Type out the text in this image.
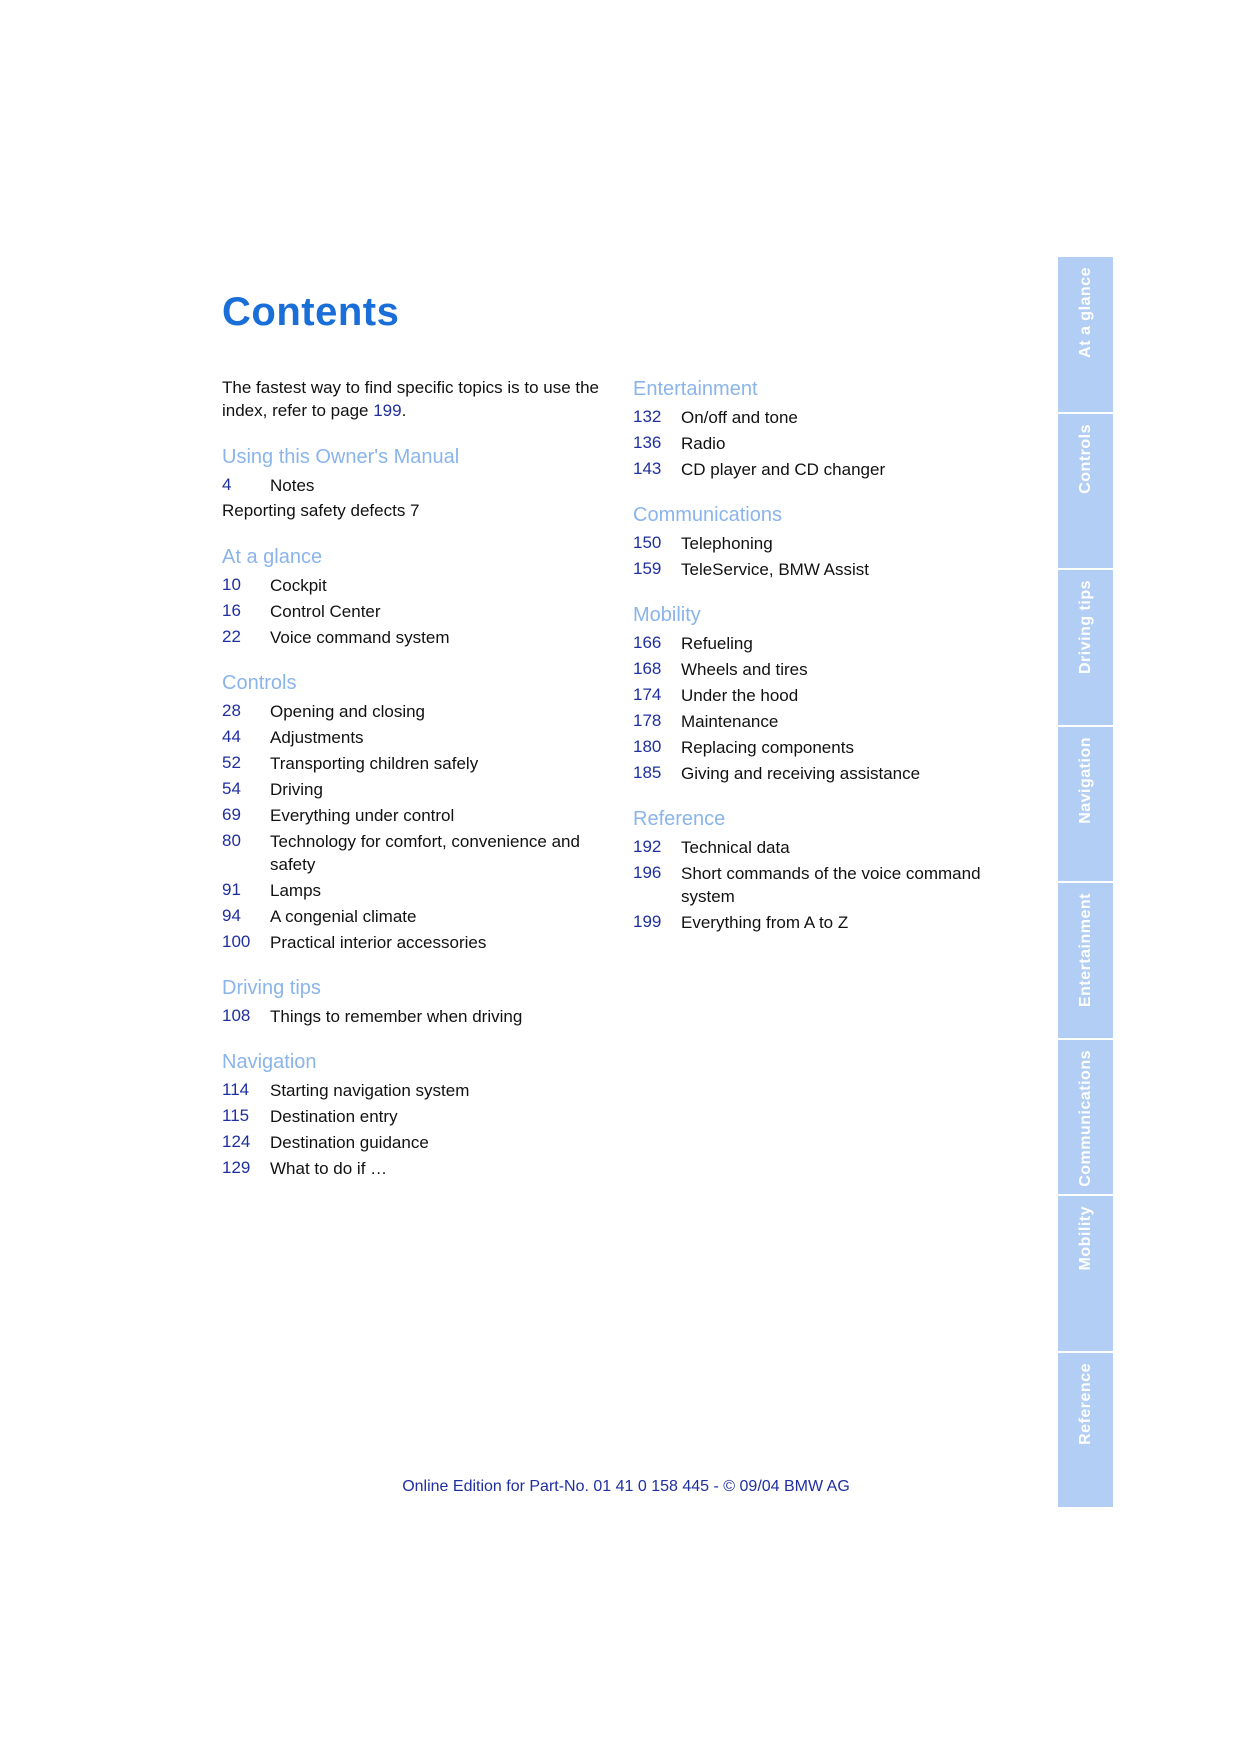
Contents

The fastest way to find specific topics is to use the index, refer to page 199.

Using this Owner's Manual
4	Notes
Reporting safety defects 7
At a glance
10	Cockpit
16	Control Center
22	Voice command system
Controls
28	Opening and closing
44	Adjustments
52	Transporting children safely
54	Driving
69	Everything under control
80	Technology for comfort, convenience and safety
91	Lamps
94	A congenial climate
100	Practical interior accessories
Driving tips
108	Things to remember when driving
Navigation
114	Starting navigation system
115	Destination entry
124	Destination guidance
129	What to do if …
Entertainment
132	On/off and tone
136	Radio
143	CD player and CD changer
Communications
150	Telephoning
159	TeleService, BMW Assist
Mobility
166	Refueling
168	Wheels and tires
174	Under the hood
178	Maintenance
180	Replacing components
185	Giving and receiving assistance
Reference
192	Technical data
196	Short commands of the voice command system
199	Everything from A to Z
At a glance
Controls
Driving tips
Navigation
Entertainment
Communications
Mobility
Reference
Online Edition for Part-No. 01 41 0 158 445 - © 09/04 BMW AG
